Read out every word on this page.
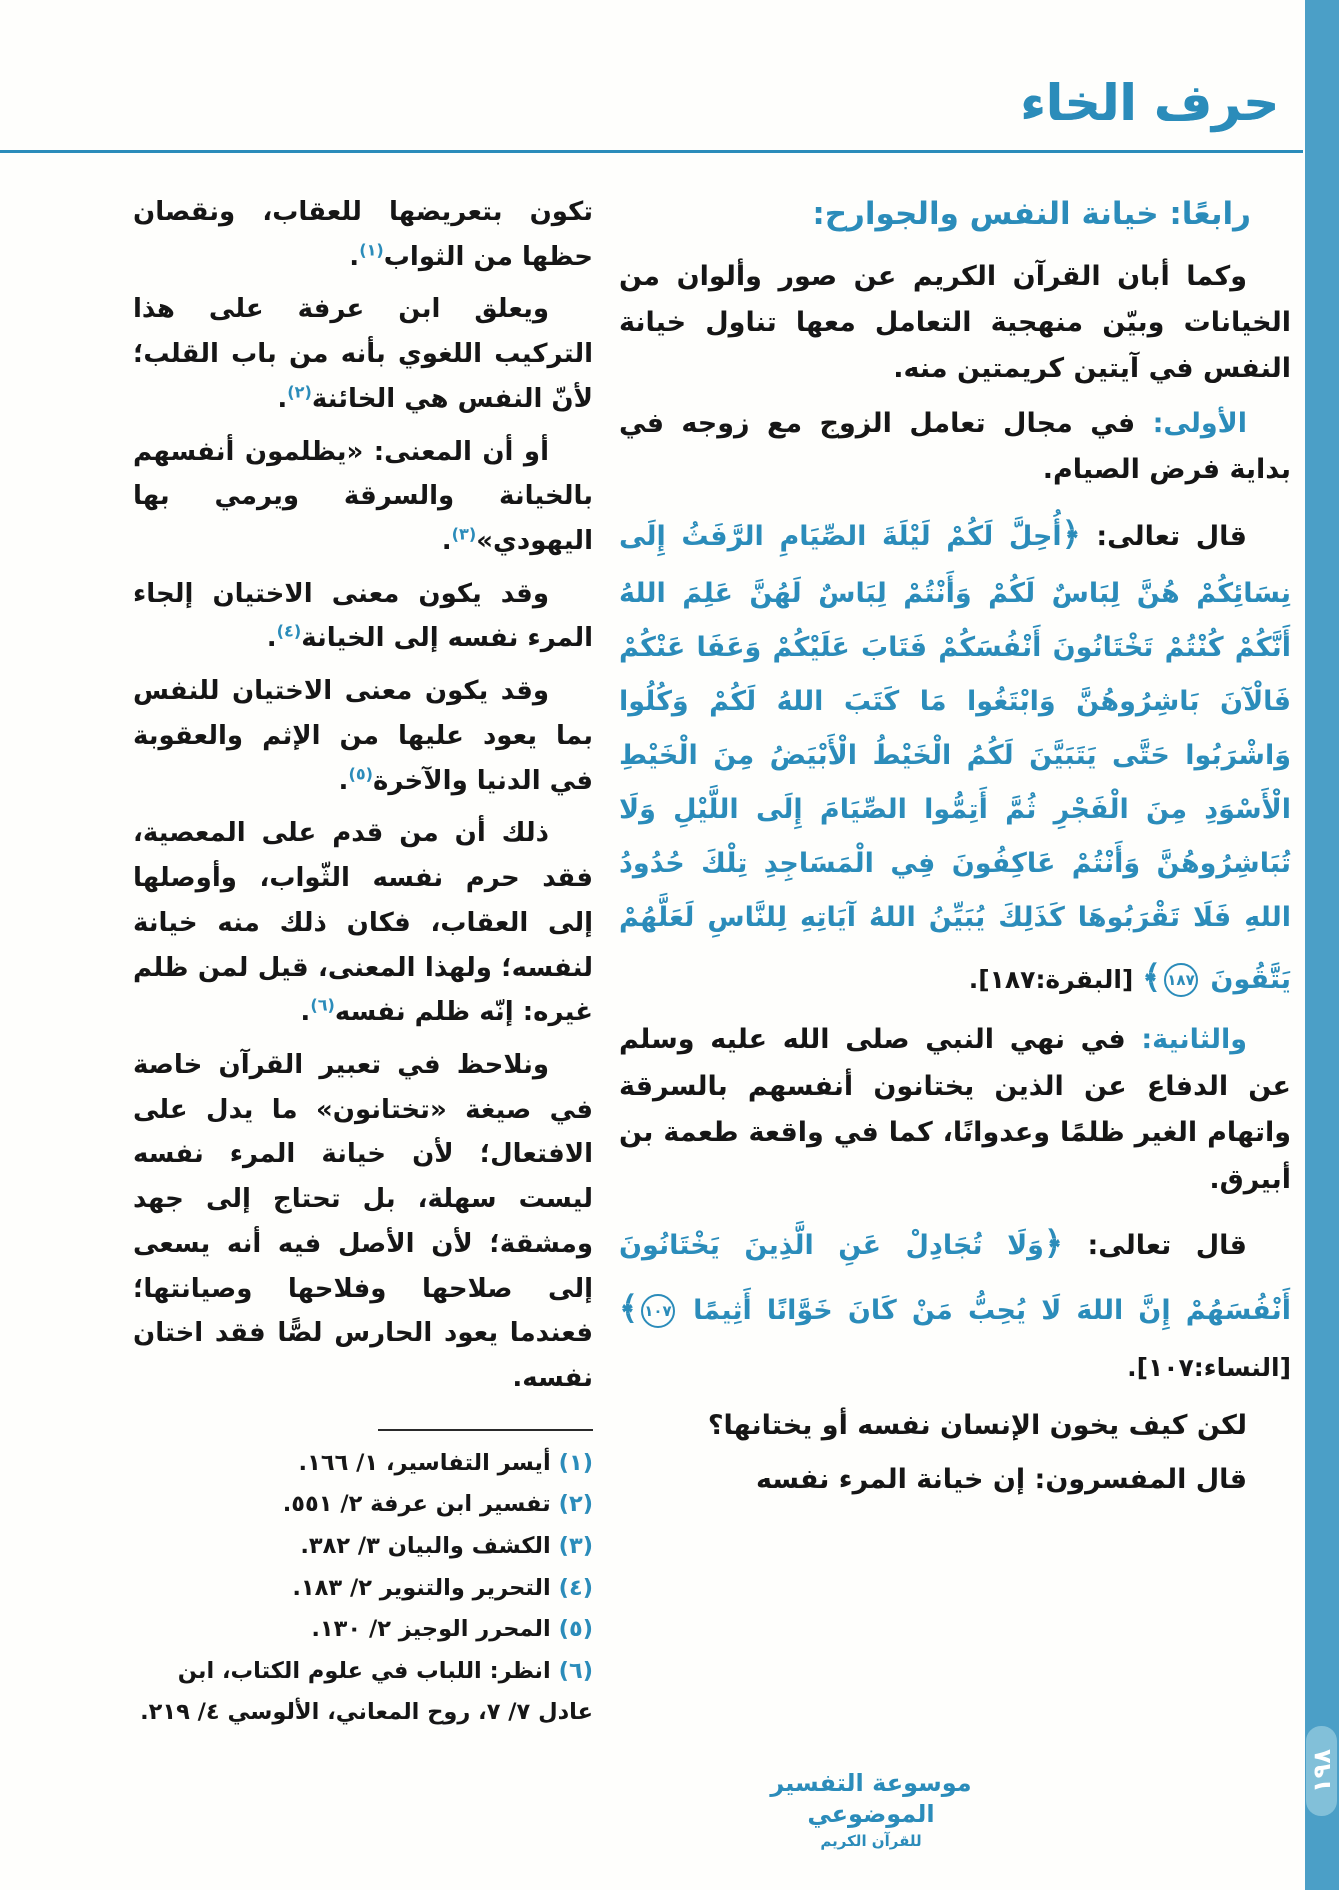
١٩٨
حرف الخاء
رابعًا: خيانة النفس والجوارح:

وكما أبان القرآن الكريم عن صور وألوان من الخيانات وبيّن منهجية التعامل معها تناول خيانة النفس في آيتين كريمتين منه.

الأولى: في مجال تعامل الزوج مع زوجه في بداية فرض الصيام.

قال تعالى: ﴿أُحِلَّ لَكُمْ لَيْلَةَ الصِّيَامِ الرَّفَثُ إِلَى نِسَائِكُمْ هُنَّ لِبَاسٌ لَكُمْ وَأَنْتُمْ لِبَاسٌ لَهُنَّ عَلِمَ اللهُ أَنَّكُمْ كُنْتُمْ تَخْتَانُونَ أَنْفُسَكُمْ فَتَابَ عَلَيْكُمْ وَعَفَا عَنْكُمْ فَالْآنَ بَاشِرُوهُنَّ وَابْتَغُوا مَا كَتَبَ اللهُ لَكُمْ وَكُلُوا وَاشْرَبُوا حَتَّى يَتَبَيَّنَ لَكُمُ الْخَيْطُ الْأَبْيَضُ مِنَ الْخَيْطِ الْأَسْوَدِ مِنَ الْفَجْرِ ثُمَّ أَتِمُّوا الصِّيَامَ إِلَى اللَّيْلِ وَلَا تُبَاشِرُوهُنَّ وَأَنْتُمْ عَاكِفُونَ فِي الْمَسَاجِدِ تِلْكَ حُدُودُ اللهِ فَلَا تَقْرَبُوهَا كَذَلِكَ يُبَيِّنُ اللهُ آيَاتِهِ لِلنَّاسِ لَعَلَّهُمْ يَتَّقُونَ ١٨٧﴾ [البقرة:١٨٧].

والثانية: في نهي النبي صلى الله عليه وسلم عن الدفاع عن الذين يختانون أنفسهم بالسرقة واتهام الغير ظلمًا وعدوانًا، كما في واقعة طعمة بن أبيرق.

قال تعالى: ﴿وَلَا تُجَادِلْ عَنِ الَّذِينَ يَخْتَانُونَ أَنْفُسَهُمْ إِنَّ اللهَ لَا يُحِبُّ مَنْ كَانَ خَوَّانًا أَثِيمًا ١٠٧﴾ [النساء:١٠٧].

لكن كيف يخون الإنسان نفسه أو يختانها؟

قال المفسرون: إن خيانة المرء نفسه

تكون بتعريضها للعقاب، ونقصان حظها من الثواب$^{(١)}$.

ويعلق ابن عرفة على هذا التركيب اللغوي بأنه من باب القلب؛ لأنّ النفس هي الخائنة$^{(٢)}$.

أو أن المعنى: «يظلمون أنفسهم بالخيانة والسرقة ويرمي بها اليهودي»$^{(٣)}$.

وقد يكون معنى الاختيان إلجاء المرء نفسه إلى الخيانة$^{(٤)}$.

وقد يكون معنى الاختيان للنفس بما يعود عليها من الإثم والعقوبة في الدنيا والآخرة$^{(٥)}$.

ذلك أن من قدم على المعصية، فقد حرم نفسه الثّواب، وأوصلها إلى العقاب، فكان ذلك منه خيانة لنفسه؛ ولهذا المعنى، قيل لمن ظلم غيره: إنّه ظلم نفسه$^{(٦)}$.

ونلاحظ في تعبير القرآن خاصة في صيغة «تختانون» ما يدل على الافتعال؛ لأن خيانة المرء نفسه ليست سهلة، بل تحتاج إلى جهد ومشقة؛ لأن الأصل فيه أنه يسعى إلى صلاحها وفلاحها وصيانتها؛ فعندما يعود الحارس لصًّا فقد اختان نفسه.

(١)أيسر التفاسير، ١/ ١٦٦.
(٢)تفسير ابن عرفة ٢/ ٥٥١.
(٣)الكشف والبيان ٣/ ٣٨٢.
(٤)التحرير والتنوير ٢/ ١٨٣.
(٥)المحرر الوجيز ٢/ ١٣٠.
(٦)انظر: اللباب في علوم الكتاب، ابن عادل ٧/ ٧، روح المعاني، الألوسي ٤/ ٢١٩.
موسوعة التفسير الموضوعي
للقرآن الكريم
